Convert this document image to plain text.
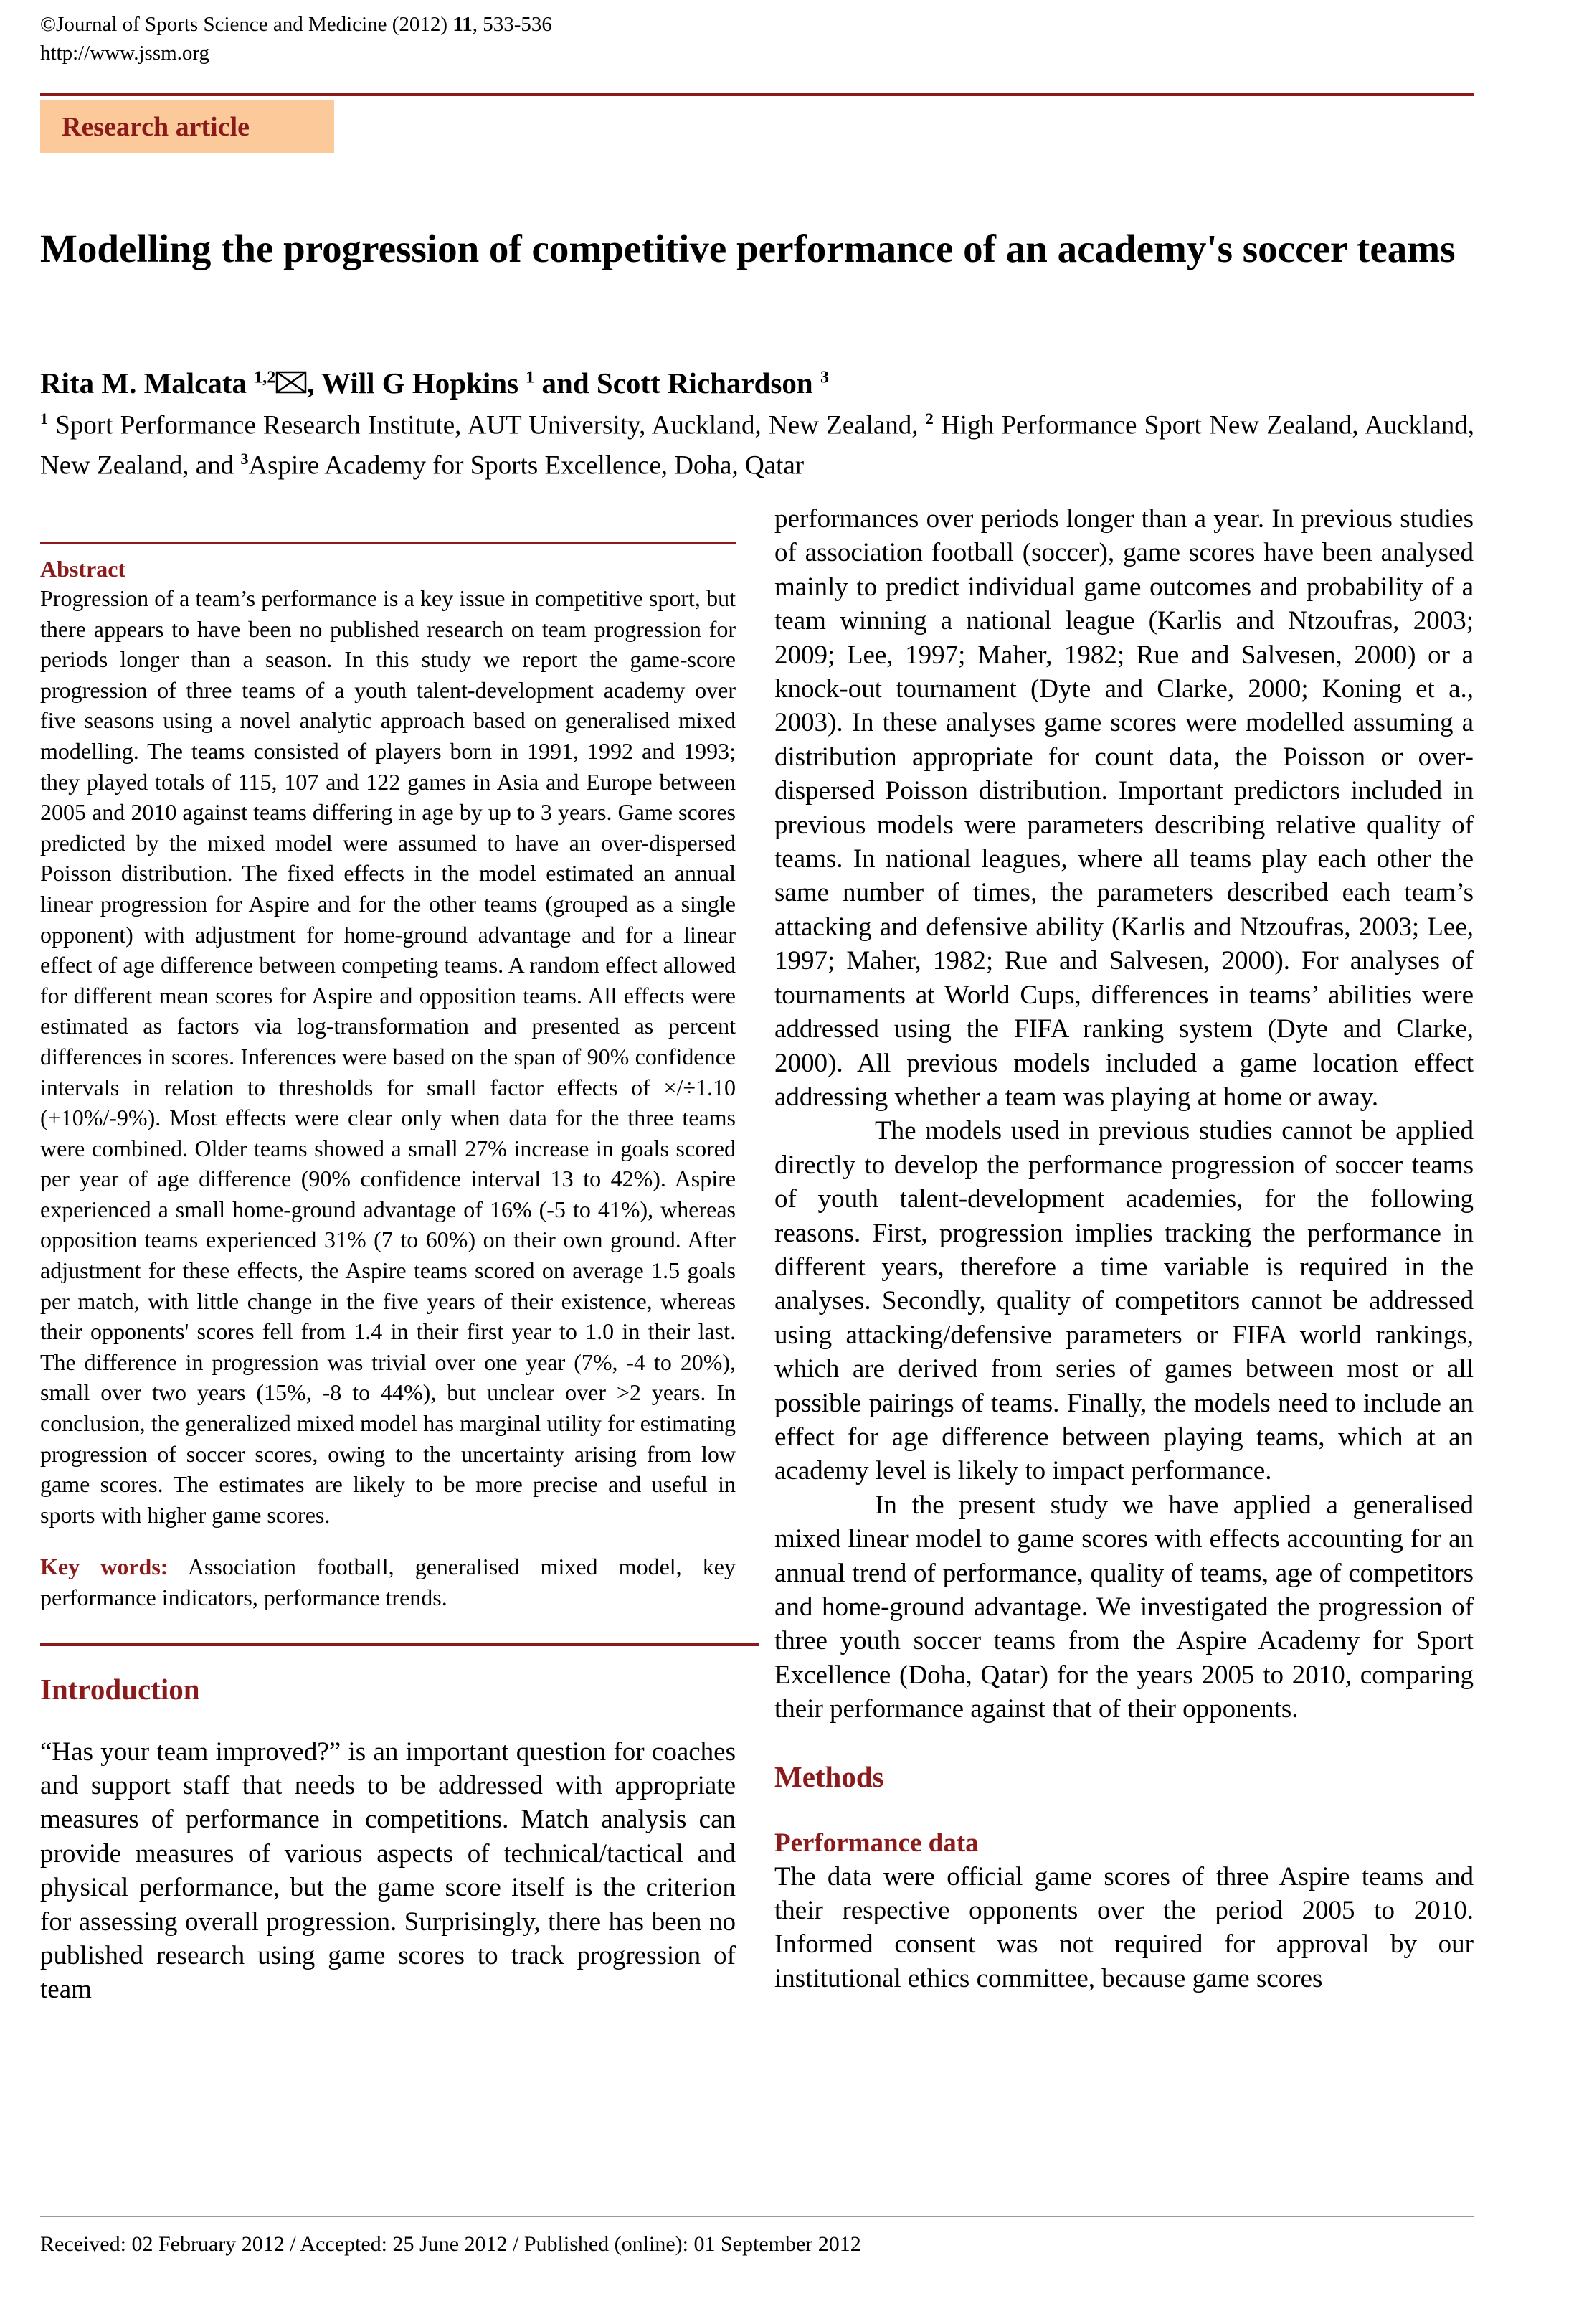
©Journal of Sports Science and Medicine (2012) 11, 533-536
http://www.jssm.org
Research article
Modelling the progression of competitive performance of an academy's soccer teams
Rita M. Malcata $^{1,2}$ , Will G Hopkins $^1$ and Scott Richardson $^3$
$^1$ Sport Performance Research Institute, AUT University, Auckland, New Zealand, $^2$ High Performance Sport New Zealand, Auckland, New Zealand, and $^3$Aspire Academy for Sports Excellence, Doha, Qatar
Abstract

Progression of a team’s performance is a key issue in competitive sport, but there appears to have been no published research on team progression for periods longer than a season. In this study we report the game-score progression of three teams of a youth talent-development academy over five seasons using a novel analytic approach based on generalised mixed modelling. The teams consisted of players born in 1991, 1992 and 1993; they played totals of 115, 107 and 122 games in Asia and Europe between 2005 and 2010 against teams differing in age by up to 3 years. Game scores predicted by the mixed model were assumed to have an over-dispersed Poisson distribution. The fixed effects in the model estimated an annual linear progression for Aspire and for the other teams (grouped as a single opponent) with adjustment for home-ground advantage and for a linear effect of age difference between competing teams. A random effect allowed for different mean scores for Aspire and opposition teams. All effects were estimated as factors via log-transformation and presented as percent differences in scores. Inferences were based on the span of 90% confidence intervals in relation to thresholds for small factor effects of ×/÷1.10 (+10%/-9%). Most effects were clear only when data for the three teams were combined. Older teams showed a small 27% increase in goals scored per year of age difference (90% confidence interval 13 to 42%). Aspire experienced a small home-ground advantage of 16% (-5 to 41%), whereas opposition teams experienced 31% (7 to 60%) on their own ground. After adjustment for these effects, the Aspire teams scored on average 1.5 goals per match, with little change in the five years of their existence, whereas their opponents' scores fell from 1.4 in their first year to 1.0 in their last. The difference in progression was trivial over one year (7%, -4 to 20%), small over two years (15%, -8 to 44%), but unclear over >2 years. In conclusion, the generalized mixed model has marginal utility for estimating progression of soccer scores, owing to the uncertainty arising from low game scores. The estimates are likely to be more precise and useful in sports with higher game scores.

Key words: Association football, generalised mixed model, key performance indicators, performance trends.
Introduction

“Has your team improved?” is an important question for coaches and support staff that needs to be addressed with appropriate measures of performance in competitions. Match analysis can provide measures of various aspects of technical/tactical and physical performance, but the game score itself is the criterion for assessing overall progression. Surprisingly, there has been no published research using game scores to track progression of team

performances over periods longer than a year. In previous studies of association football (soccer), game scores have been analysed mainly to predict individual game outcomes and probability of a team winning a national league (Karlis and Ntzoufras, 2003; 2009; Lee, 1997; Maher, 1982; Rue and Salvesen, 2000) or a knock-out tournament (Dyte and Clarke, 2000; Koning et a., 2003). In these analyses game scores were modelled assuming a distribution appropriate for count data, the Poisson or over-dispersed Poisson distribution. Important predictors included in previous models were parameters describing relative quality of teams. In national leagues, where all teams play each other the same number of times, the parameters described each team’s attacking and defensive ability (Karlis and Ntzoufras, 2003; Lee, 1997; Maher, 1982; Rue and Salvesen, 2000). For analyses of tournaments at World Cups, differences in teams’ abilities were addressed using the FIFA ranking system (Dyte and Clarke, 2000). All previous models included a game location effect addressing whether a team was playing at home or away.

The models used in previous studies cannot be applied directly to develop the performance progression of soccer teams of youth talent-development academies, for the following reasons. First, progression implies tracking the performance in different years, therefore a time variable is required in the analyses. Secondly, quality of competitors cannot be addressed using attacking/defensive parameters or FIFA world rankings, which are derived from series of games between most or all possible pairings of teams. Finally, the models need to include an effect for age difference between playing teams, which at an academy level is likely to impact performance.

In the present study we have applied a generalised mixed linear model to game scores with effects accounting for an annual trend of performance, quality of teams, age of competitors and home-ground advantage. We investigated the progression of three youth soccer teams from the Aspire Academy for Sport Excellence (Doha, Qatar) for the years 2005 to 2010, comparing their performance against that of their opponents.

Methods
Performance data

The data were official game scores of three Aspire teams and their respective opponents over the period 2005 to 2010. Informed consent was not required for approval by our institutional ethics committee, because game scores

Received: 02 February 2012 / Accepted: 25 June 2012 / Published (online): 01 September 2012
